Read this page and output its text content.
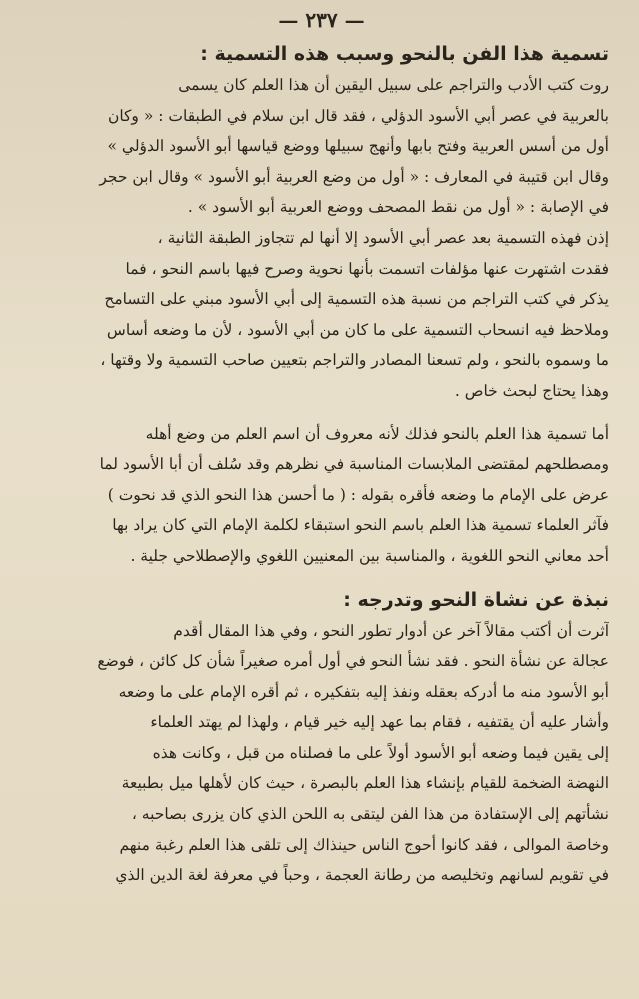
— ٢٣٧ —
تسمية هذا الفن بالنحو وسبب هذه التسمية :

روت كتب الأدب والتراجم على سبيل اليقين أن هذا العلم كان يسمى
بالعربية في عصر أبي الأسود الدؤلي ، فقد قال ابن سلام في الطبقات : « وكان
أول من أسس العربية وفتح بابها وأنهج سبيلها ووضع قياسها أبو الأسود الدؤلي »
وقال ابن قتيبة في المعارف : « أول من وضع العربية أبو الأسود » وقال ابن حجر
في الإصابة : « أول من نقط المصحف ووضع العربية أبو الأسود » .

إذن فهذه التسمية بعد عصر أبي الأسود إلا أنها لم تتجاوز الطبقة الثانية ،
فقدت اشتهرت عنها مؤلفات اتسمت بأنها نحوية وصرح فيها باسم النحو ، فما
يذكر في كتب التراجم من نسبة هذه التسمية إلى أبي الأسود مبني على التسامح
وملاحظ فيه انسحاب التسمية على ما كان من أبي الأسود ، لأن ما وضعه أساس
ما وسموه بالنحو ، ولم تسعنا المصادر والتراجم بتعيين صاحب التسمية ولا وقتها ،
وهذا يحتاج لبحث خاص .

أما تسمية هذا العلم بالنحو فذلك لأنه معروف أن اسم العلم من وضع أهله
ومصطلحهم لمقتضى الملابسات المناسبة في نظرهم وقد سُلف أن أبا الأسود لما
عرض على الإمام ما وضعه فأقره بقوله : ( ما أحسن هذا النحو الذي قد نحوت )
فآثر العلماء تسمية هذا العلم باسم النحو استبقاء لكلمة الإمام التي كان يراد بها
أحد معاني النحو اللغوية ، والمناسبة بين المعنيين اللغوي والإصطلاحي جلية .

نبذة عن نشاة النحو وتدرجه :

آثرت أن أكتب مقالاً آخر عن أدوار تطور النحو ، وفي هذا المقال أقدم
عجالة عن نشأة النحو . فقد نشأ النحو في أول أمره صغيراً شأن كل كائن ، فوضع
أبو الأسود منه ما أدركه بعقله ونفذ إليه بتفكيره ، ثم أقره الإمام على ما وضعه
وأشار عليه أن يقتفيه ، فقام بما عهد إليه خير قيام ، ولهذا لم يهتد العلماء
إلى يقين فيما وضعه أبو الأسود أولاً على ما فصلناه من قبل ، وكانت هذه
النهضة الضخمة للقيام بإنشاء هذا العلم بالبصرة ، حيث كان لأهلها ميل بطبيعة
نشأتهم إلى الإستفادة من هذا الفن ليتقى به اللحن الذي كان يزرى بصاحبه ،
وخاصة الموالى ، فقد كانوا أحوج الناس حينذاك إلى تلقى هذا العلم رغبة منهم
في تقويم لسانهم وتخليصه من رطانة العجمة ، وحباً في معرفة لغة الدين الذي
